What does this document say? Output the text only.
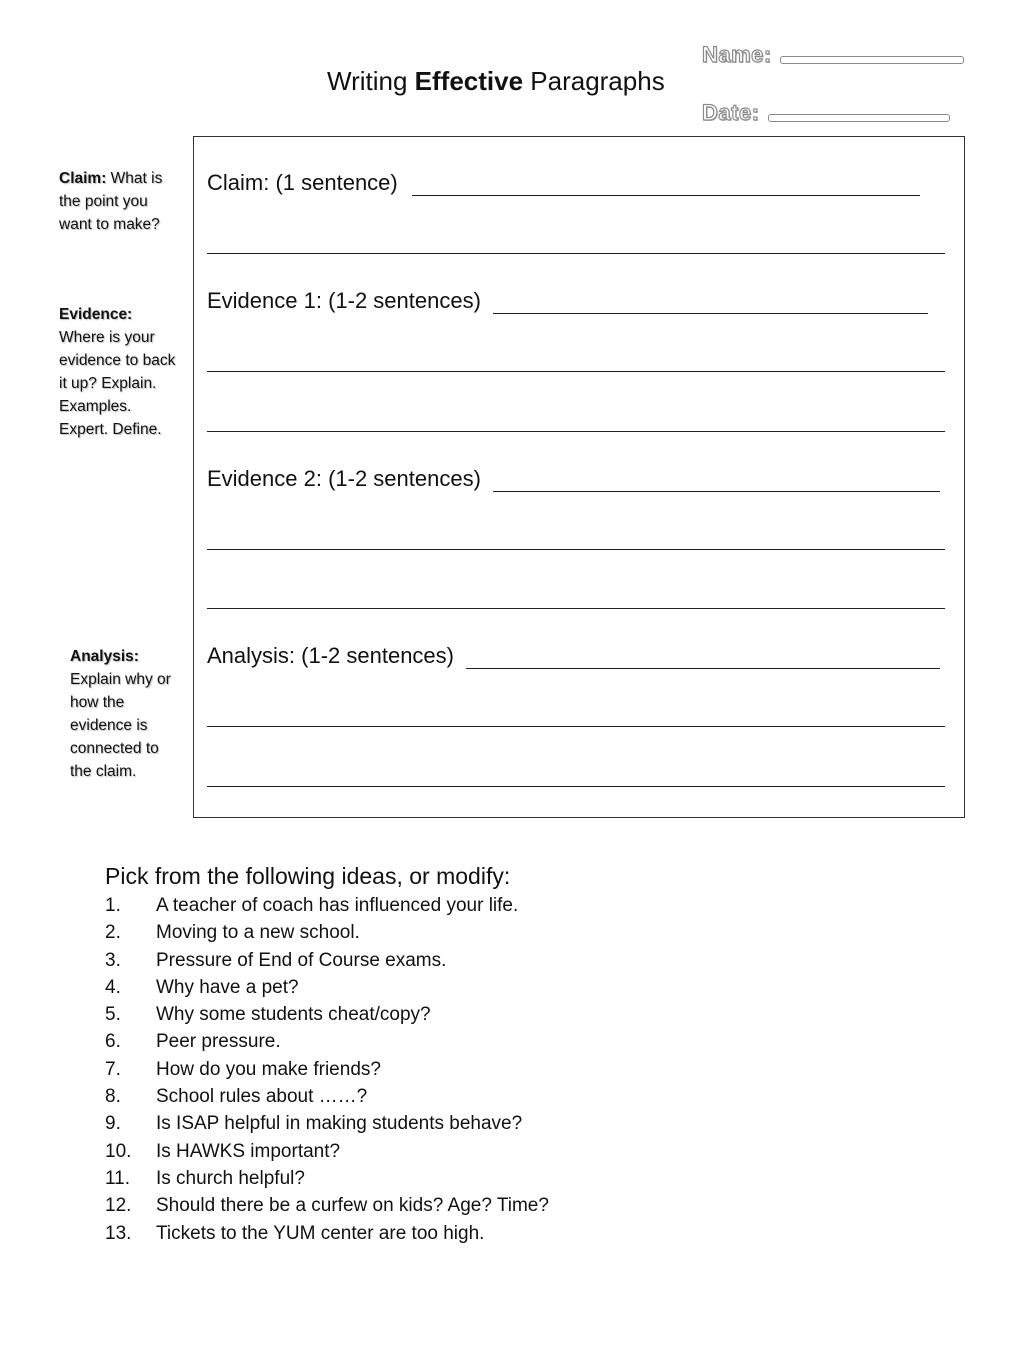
Writing Effective Paragraphs
Name:
Date:
Claim: What is the point you want to make?
Evidence:
Where is your evidence to back it up? Explain. Examples. Expert. Define.
Analysis:
Explain why or how the evidence is connected to the claim.
Claim: (1 sentence)
Evidence 1: (1-2 sentences)
Evidence 2: (1-2 sentences)
Analysis: (1-2 sentences)
Pick from the following ideas, or modify:
1. A teacher of coach has influenced your life.
2. Moving to a new school.
3. Pressure of End of Course exams.
4. Why have a pet?
5. Why some students cheat/copy?
6. Peer pressure.
7. How do you make friends?
8. School rules about ……?
9. Is ISAP helpful in making students behave?
10. Is HAWKS important?
11. Is church helpful?
12. Should there be a curfew on kids? Age? Time?
13. Tickets to the YUM center are too high.
